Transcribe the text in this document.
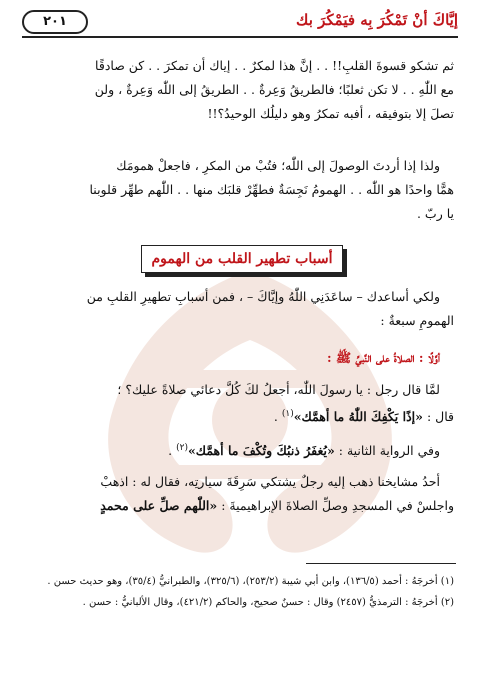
٢٠١	إيَّاكَ أنْ تَمْكُرَ بِه فيَمْكُرَ بك

ثم تشكو قسوةَ القلبِ!! . . إنَّ هذا لمكرٌ . . إياك أن تمكرَ . . كن صادقًا

مع اللّٰهِ . . لا تكن ثعلبًا؛ فالطريقُ وَعِرةٌ . . الطريقُ إلى اللّٰه وَعِرةٌ ، ولن

تصلَ إلا بتوفيقه ، أفبه تمكرُ وهو دليلُك الوحيدُ؟!!

ولذا إذا أردتَ الوصولَ إلى اللّٰه؛ فتُبْ من المكرِ ، فاجعلْ همومَك

همًّا واحدًا هو اللّٰه . . الهمومُ نَجِسَةٌ فطهِّرْ قلبَك منها . . اللّٰهم طهِّر قلوبنا

يا ربّ .

أسباب تطهير القلب من الهموم

ولكي أساعدك – ساعَدَنِي اللّٰهُ وإيَّاكَ – ، فمن أسبابِ تطهيرِ القلبِ من

الهمومِ سبعةٌ :

أوَّلًا : الصلاةُ على النَّبيِّ ﷺ :

لمَّا قال رجل : يا رسولَ اللّٰه، أجعلُ لكَ كُلَّ دعائي صلاةً عليك؟ ؛

قال : «إذًا يَكْفِكَ اللّٰهُ ما أهمَّك»$^{(١)}$ .

وفي الرواية الثانية : «يُغفَرُ ذنبُكَ وتُكْفَ ما أهمَّك»$^{(٢)}$ .

أحدُ مشايخنا ذهب إليه رجلٌ يشتكي سَرِقَةَ سيارتِه، فقال له : اذهبْ

واجلسْ في المسجدِ وصلِّ الصلاةَ الإبراهيميةَ : «اللّٰهم صلِّ على محمدٍ

(١) أخرجَهُ : أحمد (١٣٦/٥)، وابن أبي شيبة (٢٥٣/٢)، (٣٢٥/٦)، والطبرانيُّ (٣٥/٤)، وهو حديث حسن .

(٢) أخرجَهُ : الترمذيُّ (٢٤٥٧) وقال : حسنٌ صحيح، والحاكم (٤٢١/٢)، وقال الألبانيُّ : حسن .
